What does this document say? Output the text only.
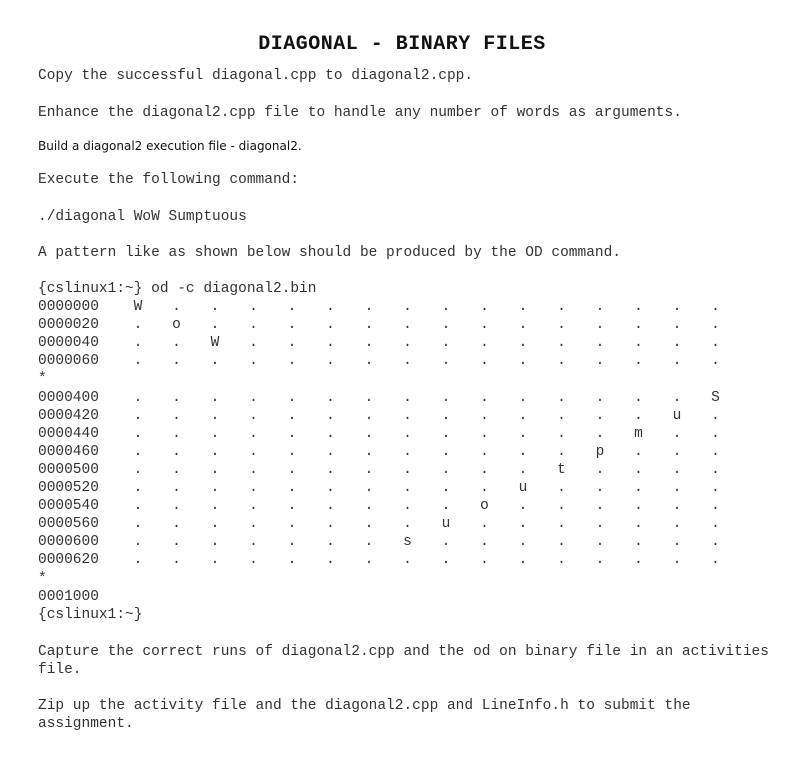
DIAGONAL - BINARY FILES
Copy the successful diagonal.cpp to diagonal2.cpp.
Enhance the diagonal2.cpp file to handle any number of words as arguments.
Build a diagonal2 execution file - diagonal2.
Execute the following command:
./diagonal WoW Sumptuous
A pattern like as shown below should be produced by the OD command.
{cslinux1:~} od -c diagonal2.bin
0000000	W	.	.	.	.	.	.	.	.	.	.	.	.	.	.	.
0000020	.	o	.	.	.	.	.	.	.	.	.	.	.	.	.	.
0000040	.	.	W	.	.	.	.	.	.	.	.	.	.	.	.	.
0000060	.	.	.	.	.	.	.	.	.	.	.	.	.	.	.	.
*
0000400	.	.	.	.	.	.	.	.	.	.	.	.	.	.	.	S
0000420	.	.	.	.	.	.	.	.	.	.	.	.	.	.	u	.
0000440	.	.	.	.	.	.	.	.	.	.	.	.	.	m	.	.
0000460	.	.	.	.	.	.	.	.	.	.	.	.	p	.	.	.
0000500	.	.	.	.	.	.	.	.	.	.	.	t	.	.	.	.
0000520	.	.	.	.	.	.	.	.	.	.	u	.	.	.	.	.
0000540	.	.	.	.	.	.	.	.	.	o	.	.	.	.	.	.
0000560	.	.	.	.	.	.	.	.	u	.	.	.	.	.	.	.
0000600	.	.	.	.	.	.	.	s	.	.	.	.	.	.	.	.
0000620	.	.	.	.	.	.	.	.	.	.	.	.	.	.	.	.
*
0001000
{cslinux1:~}
Capture the correct runs of diagonal2.cpp and the od on binary file in an activities file.
Zip up the activity file and the diagonal2.cpp and LineInfo.h to submit the assignment.
